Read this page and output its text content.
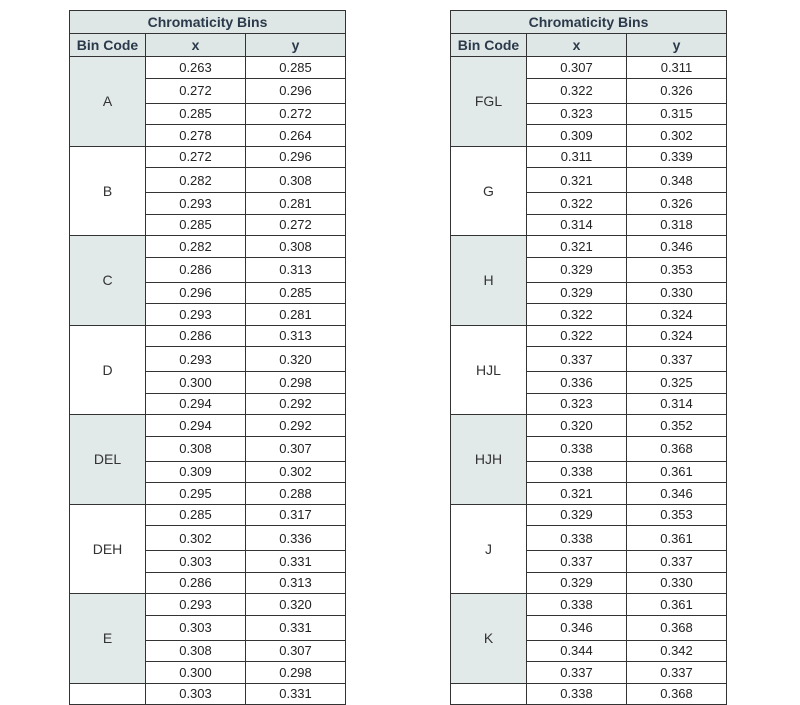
Chromaticity Bins		
Bin Code	x	y
A	0.263	0.285
	0.272	0.296
	0.285	0.272
	0.278	0.264
B	0.272	0.296
	0.282	0.308
	0.293	0.281
	0.285	0.272
C	0.282	0.308
	0.286	0.313
	0.296	0.285
	0.293	0.281
D	0.286	0.313
	0.293	0.320
	0.300	0.298
	0.294	0.292
DEL	0.294	0.292
	0.308	0.307
	0.309	0.302
	0.295	0.288
DEH	0.285	0.317
	0.302	0.336
	0.303	0.331
	0.286	0.313
E	0.293	0.320
	0.303	0.331
	0.308	0.307
	0.300	0.298
	0.303	0.331
Chromaticity Bins		
Bin Code	x	y
FGL	0.307	0.311
	0.322	0.326
	0.323	0.315
	0.309	0.302
G	0.311	0.339
	0.321	0.348
	0.322	0.326
	0.314	0.318
H	0.321	0.346
	0.329	0.353
	0.329	0.330
	0.322	0.324
HJL	0.322	0.324
	0.337	0.337
	0.336	0.325
	0.323	0.314
HJH	0.320	0.352
	0.338	0.368
	0.338	0.361
	0.321	0.346
J	0.329	0.353
	0.338	0.361
	0.337	0.337
	0.329	0.330
K	0.338	0.361
	0.346	0.368
	0.344	0.342
	0.337	0.337
	0.338	0.368
